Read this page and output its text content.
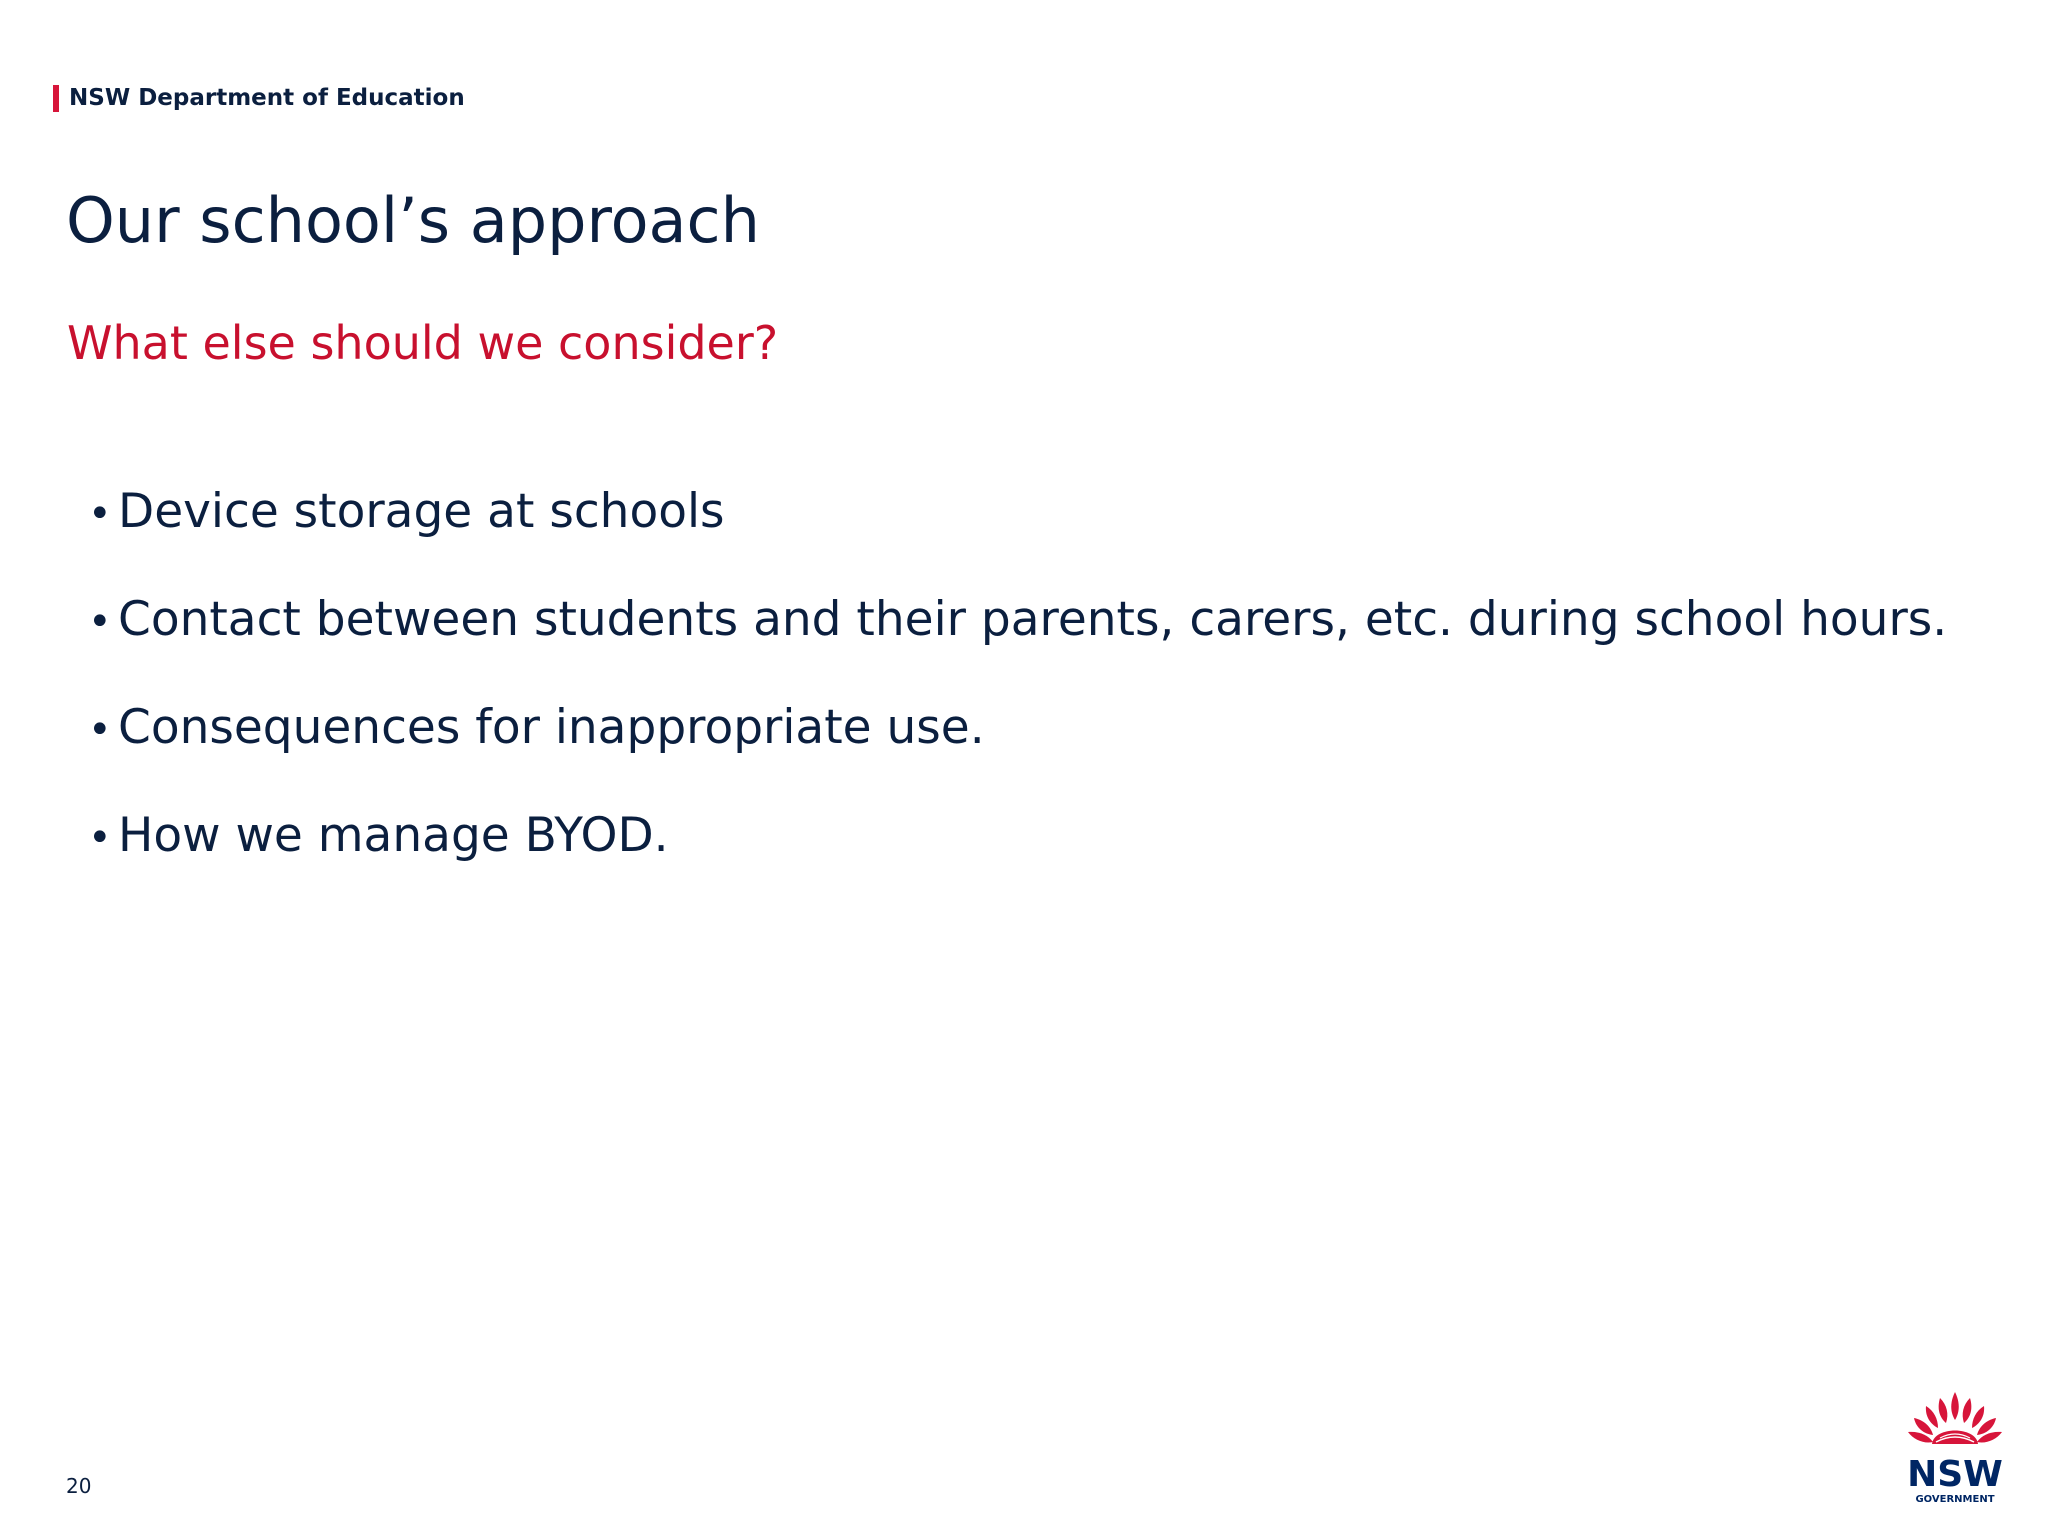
NSW Department of Education
Our school’s approach
What else should we consider?
• Device storage at schools
• Contact between students and their parents, carers, etc. during school hours.
• Consequences for inappropriate use.
• How we manage BYOD.
20	NSW
GOVERNMENT
